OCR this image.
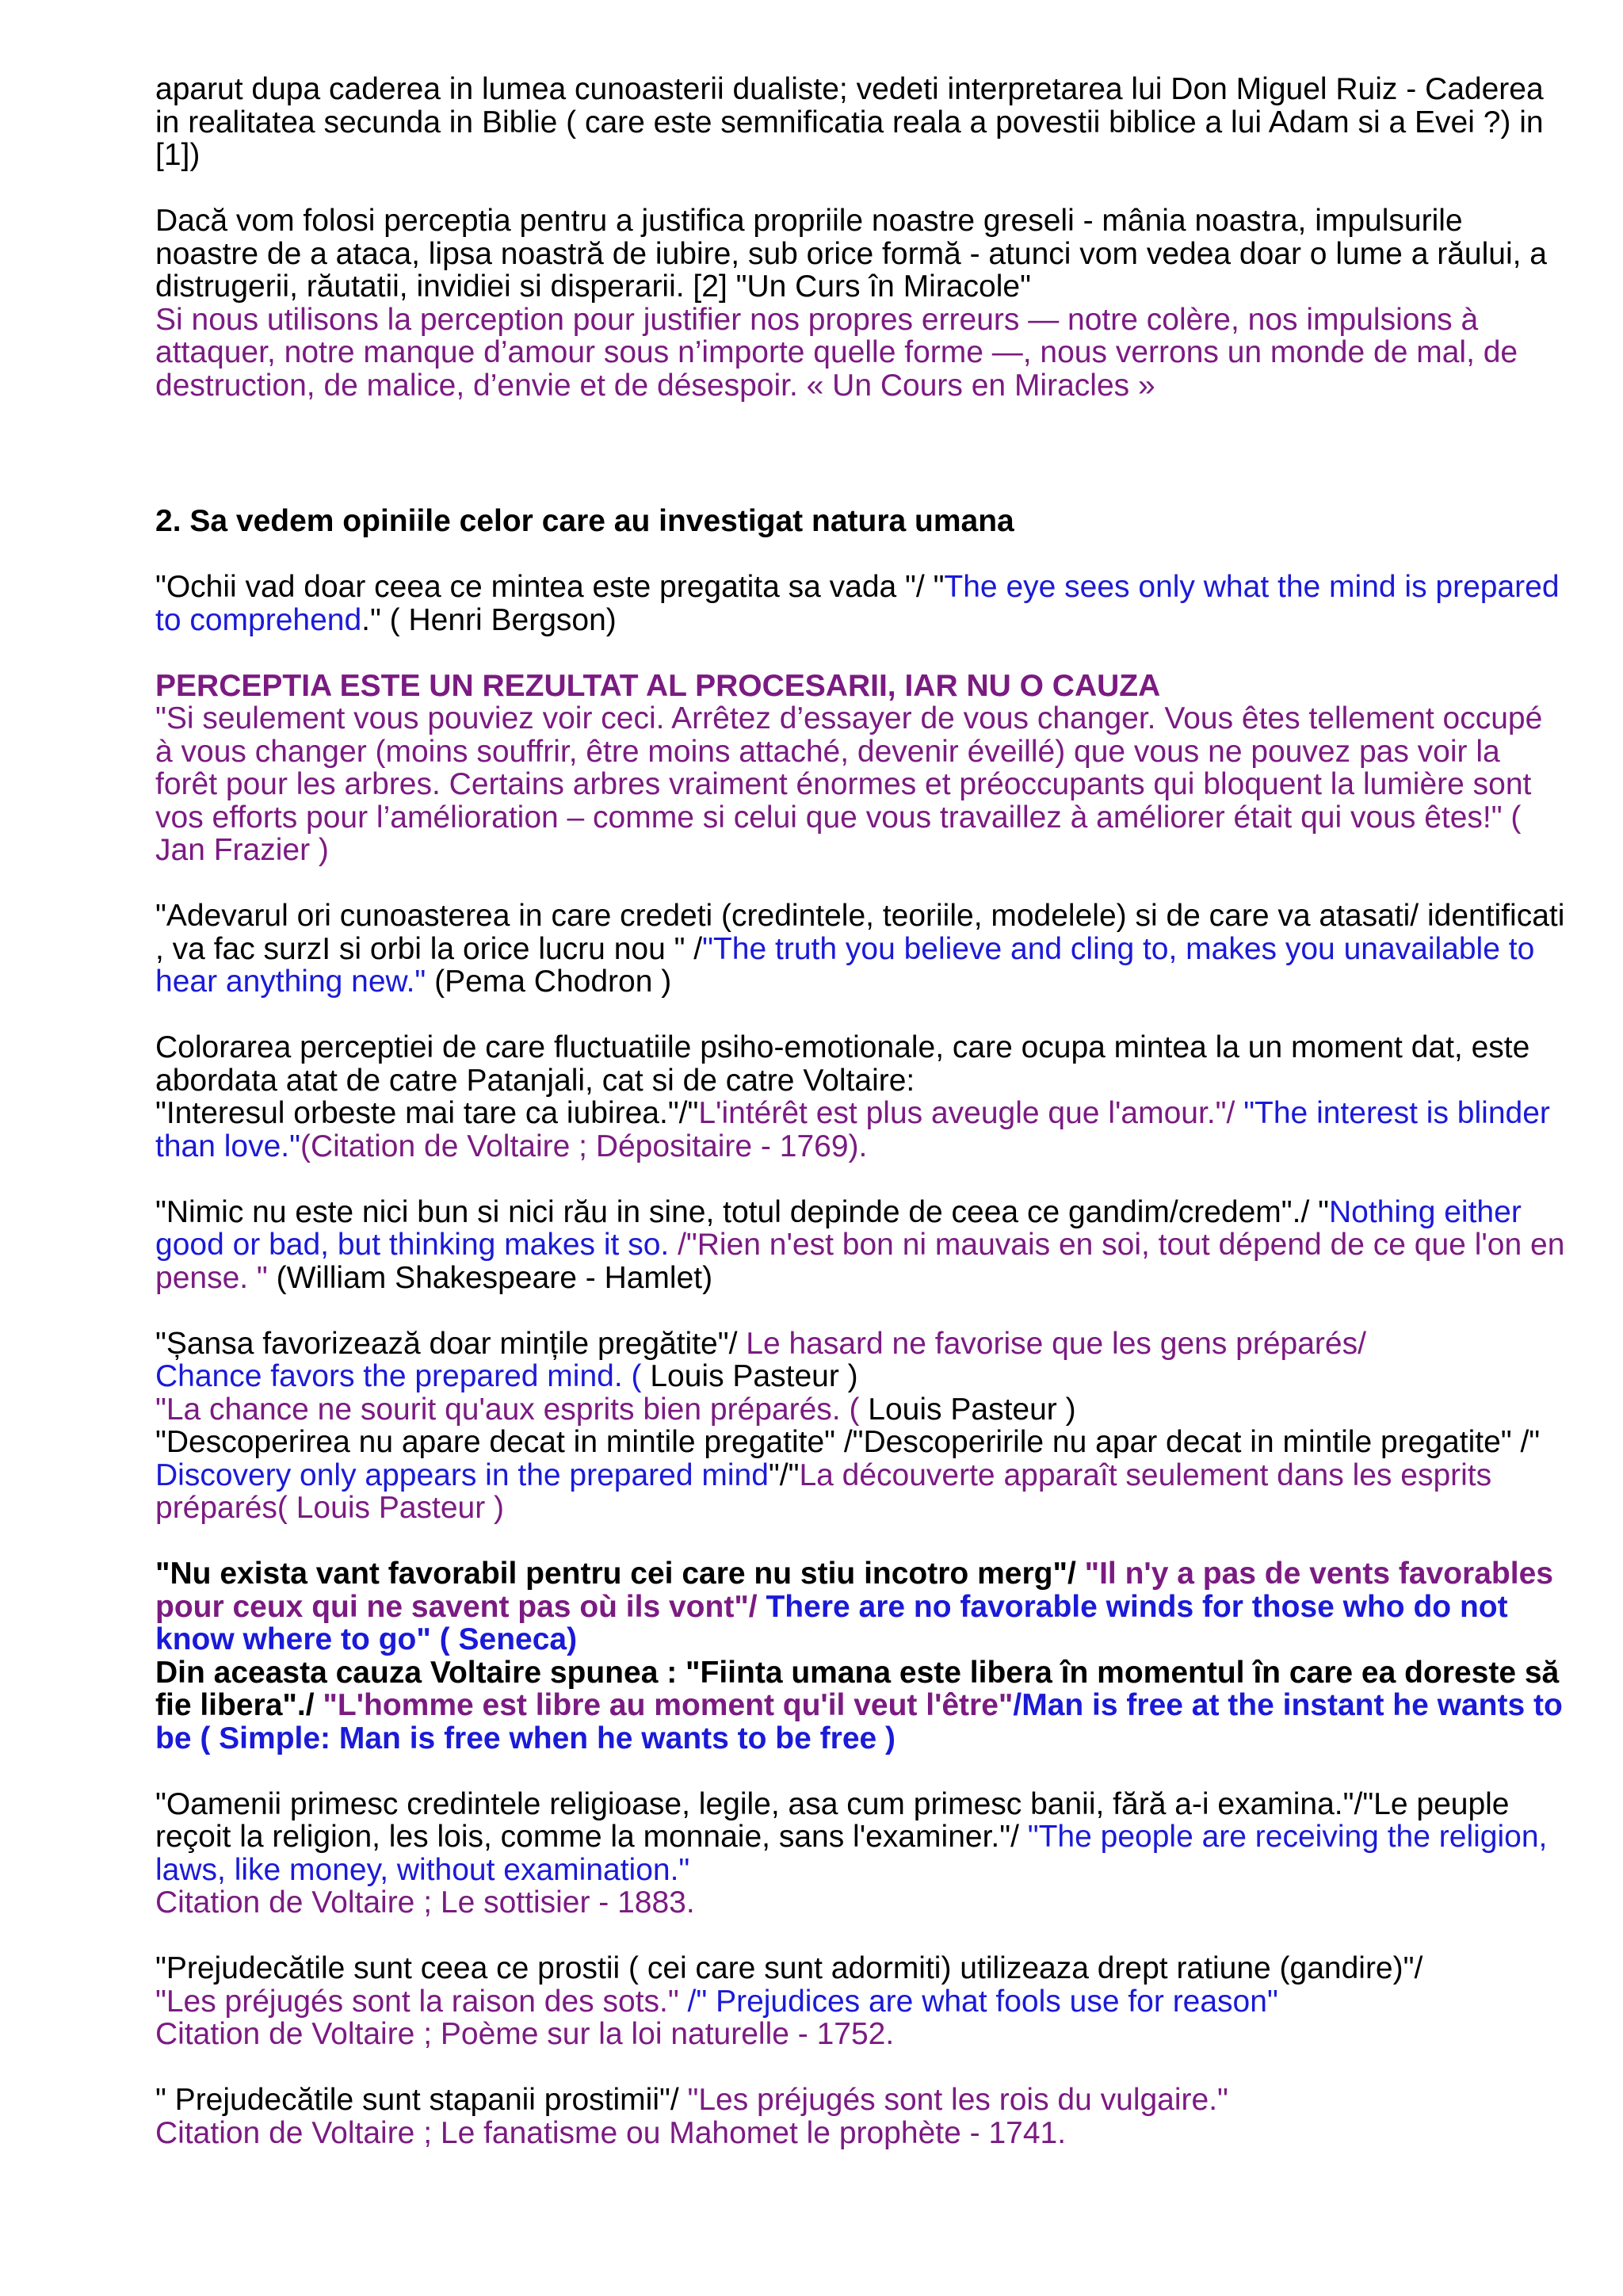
aparut dupa caderea in lumea cunoasterii dualiste; vedeti interpretarea lui Don Miguel Ruiz - Caderea in realitatea secunda in Biblie ( care este semnificatia reala a povestii biblice a lui Adam si a Evei ?) in [1])

Dacă vom folosi perceptia pentru a justifica propriile noastre greseli - mânia noastra, impulsurile noastre de a ataca, lipsa noastră de iubire, sub orice formă - atunci vom vedea doar o lume a răului, a distrugerii, răutatii, invidiei si disperarii. [2] "Un Curs în Miracole"
Si nous utilisons la perception pour justifier nos propres erreurs — notre colère, nos impulsions à attaquer, notre manque d’amour sous n’importe quelle forme —, nous verrons un monde de mal, de destruction, de malice, d’envie et de désespoir. « Un Cours en Miracles »

2. Sa vedem opiniile celor care au investigat natura umana

"Ochii vad doar ceea ce mintea este pregatita sa vada "/ "The eye sees only what the mind is prepared to comprehend." ( Henri Bergson)

PERCEPTIA ESTE UN REZULTAT AL PROCESARII, IAR NU O CAUZA
"Si seulement vous pouviez voir ceci. Arrêtez d’essayer de vous changer. Vous êtes tellement occupé à vous changer (moins souffrir, être moins attaché, devenir éveillé) que vous ne pouvez pas voir la forêt pour les arbres. Certains arbres vraiment énormes et préoccupants qui bloquent la lumière sont vos efforts pour l’amélioration – comme si celui que vous travaillez à améliorer était qui vous êtes!" ( Jan Frazier )

"Adevarul ori cunoasterea in care credeti (credintele, teoriile, modelele) si de care va atasati/ identificati , va fac surzI si orbi la orice lucru nou " /"The truth you believe and cling to, makes you unavailable to hear anything new." (Pema Chodron )

Colorarea perceptiei de care fluctuatiile psiho-emotionale, care ocupa mintea la un moment dat, este abordata atat de catre Patanjali, cat si de catre Voltaire:
"Interesul orbeste mai tare ca iubirea."/"L'intérêt est plus aveugle que l'amour."/ "The interest is blinder than love."(Citation de Voltaire ; Dépositaire - 1769).

"Nimic nu este nici bun si nici rău in sine, totul depinde de ceea ce gandim/credem"./ "Nothing either good or bad, but thinking makes it so. /"Rien n'est bon ni mauvais en soi, tout dépend de ce que l'on en pense. " (William Shakespeare - Hamlet)

"Șansa favorizează doar mințile pregătite"/ Le hasard ne favorise que les gens préparés/
Chance favors the prepared mind. ( Louis Pasteur )
"La chance ne sourit qu'aux esprits bien préparés. ( Louis Pasteur )
"Descoperirea nu apare decat in mintile pregatite" /"Descoperirile nu apar decat in mintile pregatite" /" Discovery only appears in the prepared mind"/"La découverte apparaît seulement dans les esprits préparés( Louis Pasteur )

"Nu exista vant favorabil pentru cei care nu stiu incotro merg"/ "Il n'y a pas de vents favorables pour ceux qui ne savent pas où ils vont"/ There are no favorable winds for those who do not know where to go" ( Seneca)
Din aceasta cauza Voltaire spunea : "Fiinta umana este libera în momentul în care ea doreste să fie libera"./ "L'homme est libre au moment qu'il veut l'être"/Man is free at the instant he wants to be ( Simple: Man is free when he wants to be free )

"Oamenii primesc credintele religioase, legile, asa cum primesc banii, fără a-i examina."/"Le peuple reçoit la religion, les lois, comme la monnaie, sans l'examiner."/ "The people are receiving the religion, laws, like money, without examination."
Citation de Voltaire ; Le sottisier - 1883.

"Prejudecătile sunt ceea ce prostii ( cei care sunt adormiti) utilizeaza drept ratiune (gandire)"/
"Les préjugés sont la raison des sots." /" Prejudices are what fools use for reason"
Citation de Voltaire ; Poème sur la loi naturelle - 1752.

" Prejudecătile sunt stapanii prostimii"/ "Les préjugés sont les rois du vulgaire."
Citation de Voltaire ; Le fanatisme ou Mahomet le prophète - 1741.
